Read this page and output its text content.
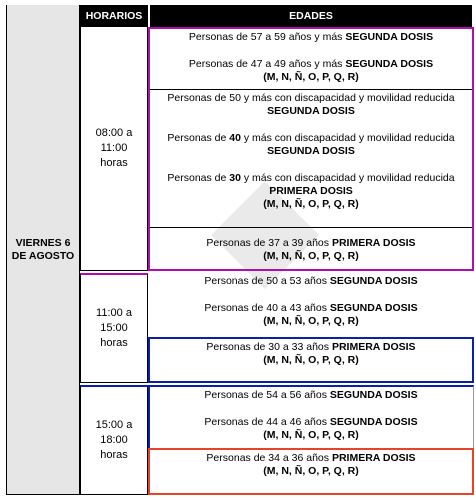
VIERNES 6
DE AGOSTO
HORARIOS	EDADES
08:00 a
11:00
horas

Personas de 57 a 59 años y más SEGUNDA DOSIS

Personas de 47 a 49 años y más SEGUNDA DOSIS

(M, N, Ñ, O, P, Q, R)

Personas de 50 y más con discapacidad y movilidad reducida

SEGUNDA DOSIS

Personas de 40 y más con discapacidad y movilidad reducida

SEGUNDA DOSIS

Personas de 30 y más con discapacidad y movilidad reducida

PRIMERA DOSIS

(M, N, Ñ, O, P, Q, R)

Personas de 37 a 39 años PRIMERA DOSIS

(M, N, Ñ, O, P, Q, R)

11:00 a
15:00
horas

Personas de 50 a 53 años SEGUNDA DOSIS

Personas de 40 a 43 años SEGUNDA DOSIS

(M, N, Ñ, O, P, Q, R)

Personas de 30 a 33 años PRIMERA DOSIS

(M, N, Ñ, O, P, Q, R)

15:00 a
18:00
horas

Personas de 54 a 56 años SEGUNDA DOSIS

Personas de 44 a 46 años SEGUNDA DOSIS

(M, N, Ñ, O, P, Q, R)

Personas de 34 a 36 años PRIMERA DOSIS

(M, N, Ñ, O, P, Q, R)
